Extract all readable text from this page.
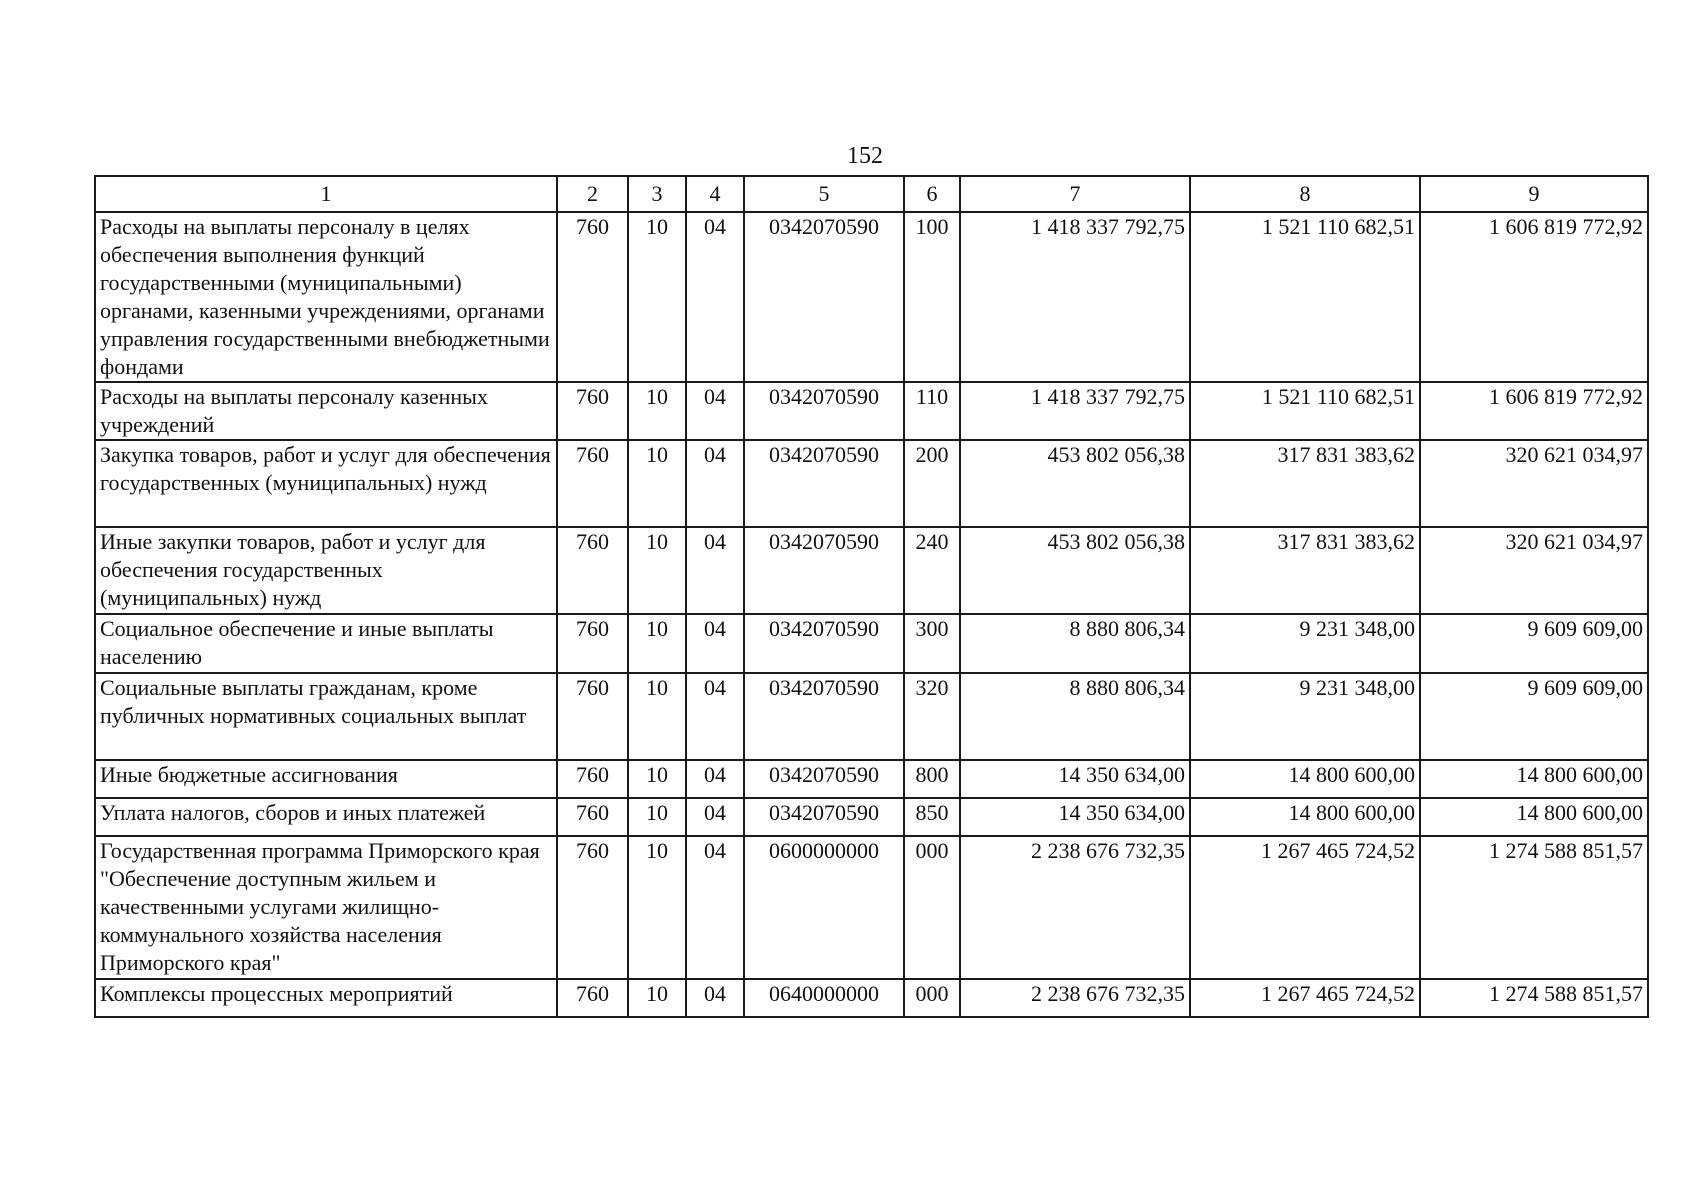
152
1	2	3	4	5	6	7	8	9
Расходы на выплаты персоналу в целях обеспечения выполнения функций государственными (муниципальными) органами, казенными учреждениями, органами управления государственными внебюджетными фондами	760	10	04	0342070590	100	1 418 337 792,75	1 521 110 682,51	1 606 819 772,92
Расходы на выплаты персоналу казенных учреждений	760	10	04	0342070590	110	1 418 337 792,75	1 521 110 682,51	1 606 819 772,92
Закупка товаров, работ и услуг для обеспечения государственных (муниципальных) нужд	760	10	04	0342070590	200	453 802 056,38	317 831 383,62	320 621 034,97
Иные закупки товаров, работ и услуг для обеспечения государственных (муниципальных) нужд	760	10	04	0342070590	240	453 802 056,38	317 831 383,62	320 621 034,97
Социальное обеспечение и иные выплаты населению	760	10	04	0342070590	300	8 880 806,34	9 231 348,00	9 609 609,00
Социальные выплаты гражданам, кроме публичных нормативных социальных выплат	760	10	04	0342070590	320	8 880 806,34	9 231 348,00	9 609 609,00
Иные бюджетные ассигнования	760	10	04	0342070590	800	14 350 634,00	14 800 600,00	14 800 600,00
Уплата налогов, сборов и иных платежей	760	10	04	0342070590	850	14 350 634,00	14 800 600,00	14 800 600,00
Государственная программа Приморского края "Обеспечение доступным жильем и качественными услугами жилищно-коммунального хозяйства населения Приморского края"	760	10	04	0600000000	000	2 238 676 732,35	1 267 465 724,52	1 274 588 851,57
Комплексы процессных мероприятий	760	10	04	0640000000	000	2 238 676 732,35	1 267 465 724,52	1 274 588 851,57
